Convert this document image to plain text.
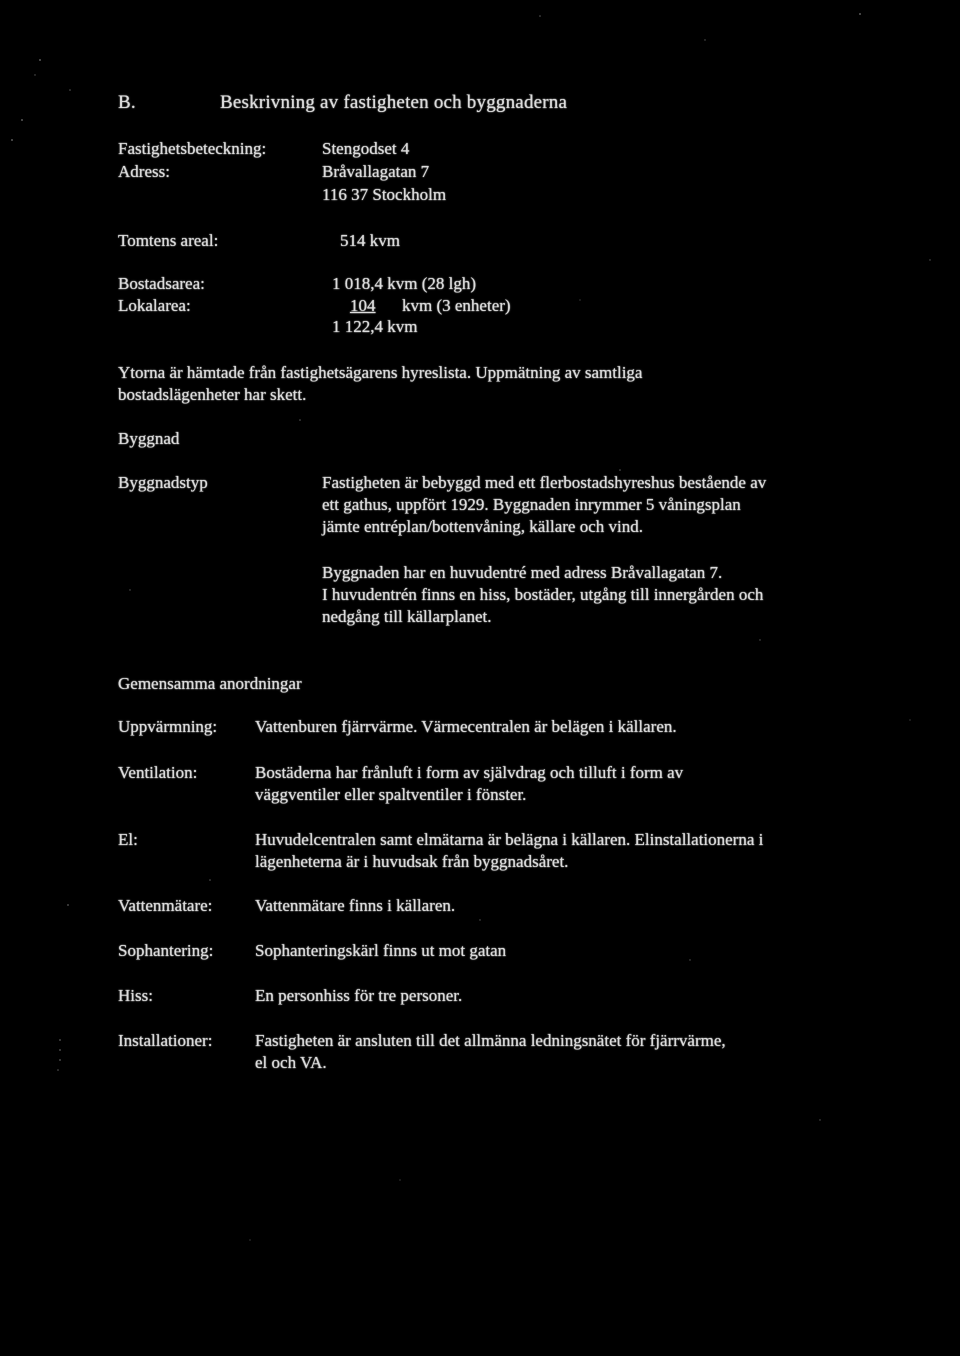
B.	Beskrivning av fastigheten och byggnaderna
Fastighetsbeteckning:	Stengodset 4
Adress:	Bråvallagatan 7
116 37 Stockholm
Tomtens areal:	514 kvm
Bostadsarea:	1 018,4 kvm (28 lgh)
Lokalarea:	104 kvm (3 enheter)
1 122,4 kvm
Ytorna är hämtade från fastighetsägarens hyreslista. Uppmätning av samtliga
bostadslägenheter har skett.
Byggnad
Byggnadstyp	Fastigheten är bebyggd med ett flerbostadshyreshus bestående av
ett gathus, uppfört 1929. Byggnaden inrymmer 5 våningsplan
jämte entréplan/bottenvåning, källare och vind.
Byggnaden har en huvudentré med adress Bråvallagatan 7.
I huvudentrén finns en hiss, bostäder, utgång till innergården och
nedgång till källarplanet.
Gemensamma anordningar
Uppvärmning: Vattenburen fjärrvärme. Värmecentralen är belägen i källaren.
Ventilation:	Bostäderna har frånluft i form av självdrag och tilluft i form av
väggventiler eller spaltventiler i fönster.
El:	Huvudelcentralen samt elmätarna är belägna i källaren. Elinstallationerna i
lägenheterna är i huvudsak från byggnadsåret.
Vattenmätare:	Vattenmätare finns i källaren.
Sophantering: Sophanteringskärl finns ut mot gatan
Hiss:	En personhiss för tre personer.
Installationer:	Fastigheten är ansluten till det allmänna ledningsnätet för fjärrvärme,
el och VA.
